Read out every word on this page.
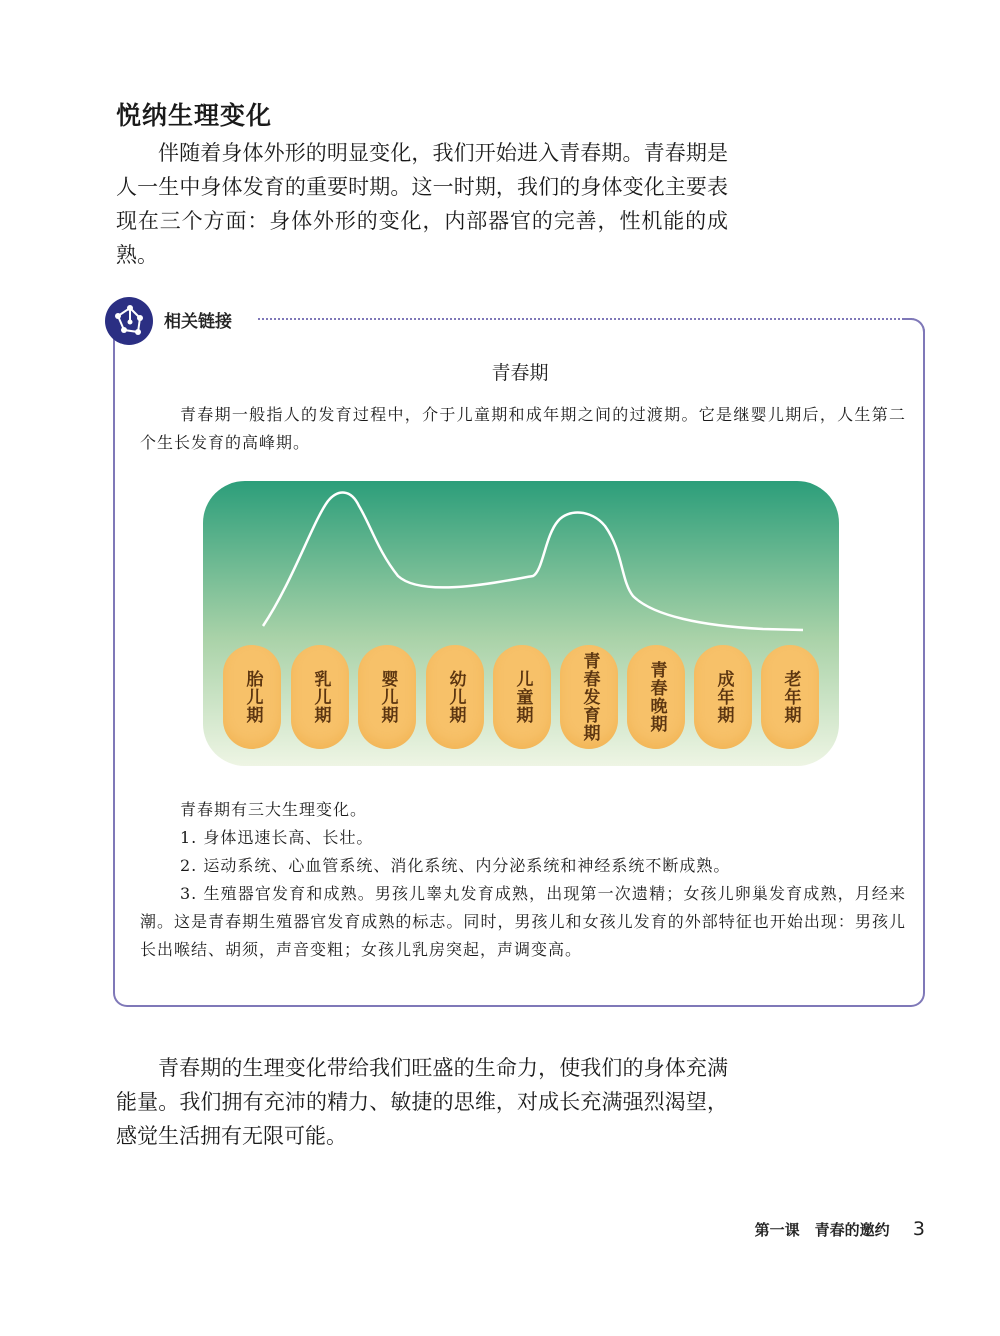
悦纳生理变化

伴随着身体外形的明显变化，我们开始进入青春期。青春期是人一生中身体发育的重要时期。这一时期，我们的身体变化主要表现在三个方面：身体外形的变化，内部器官的完善，性机能的成熟。

相关链接
青春期

青春期一般指人的发育过程中，介于儿童期和成年期之间的过渡期。它是继婴儿期后，人生第二个生长发育的高峰期。

胎儿期	乳儿期	婴儿期	幼儿期	儿童期	青春发育期	青春晚期	成年期	老年期

青春期有三大生理变化。

1. 身体迅速长高、长壮。

2. 运动系统、心血管系统、消化系统、内分泌系统和神经系统不断成熟。

3. 生殖器官发育和成熟。男孩儿睾丸发育成熟，出现第一次遗精；女孩儿卵巢发育成熟，月经来潮。这是青春期生殖器官发育成熟的标志。同时，男孩儿和女孩儿发育的外部特征也开始出现：男孩儿长出喉结、胡须，声音变粗；女孩儿乳房突起，声调变高。

青春期的生理变化带给我们旺盛的生命力，使我们的身体充满能量。我们拥有充沛的精力、敏捷的思维，对成长充满强烈渴望，感觉生活拥有无限可能。

第一课　青春的邀约 3
